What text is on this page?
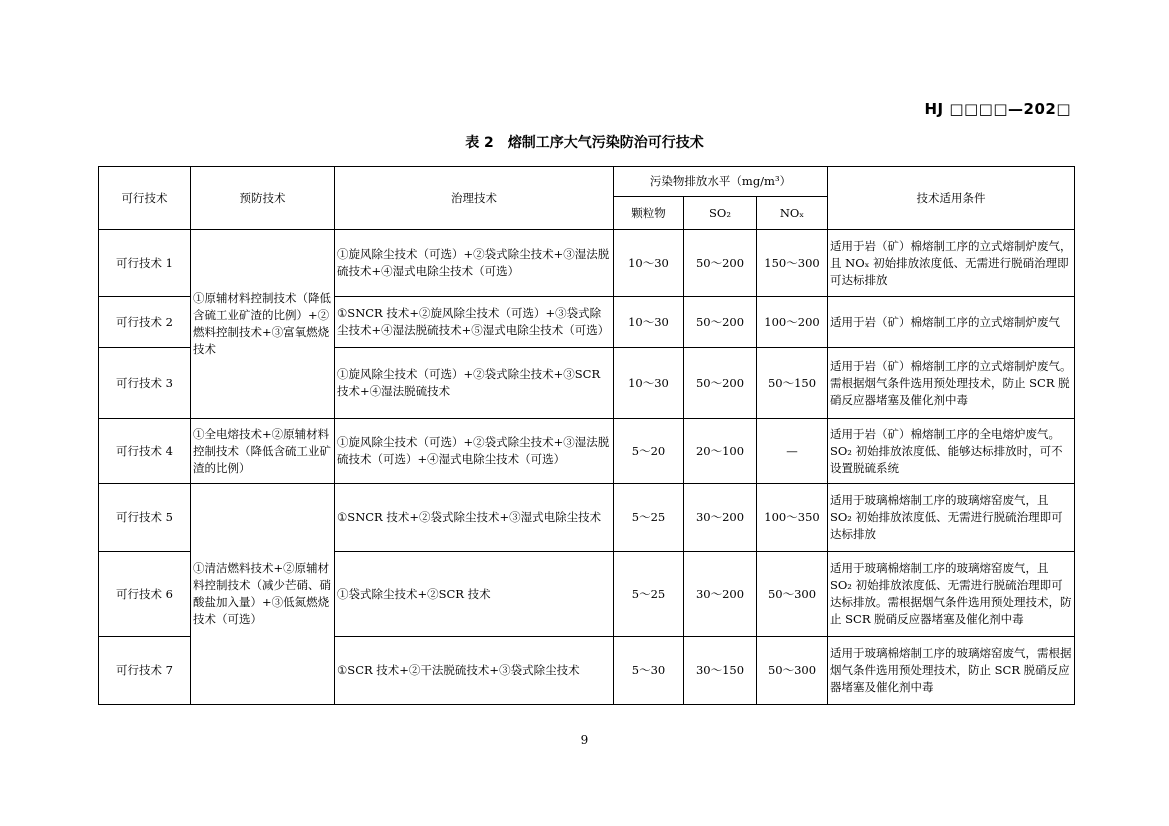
HJ □□□□—202□
表 2 熔制工序大气污染防治可行技术
可行技术	预防技术	治理技术	污染物排放水平（mg/m³）			技术适用条件
			颗粒物	SO₂	NOₓ	
可行技术 1	①原辅材料控制技术（降低含硫工业矿渣的比例）+②燃料控制技术+③富氧燃烧技术	①旋风除尘技术（可选）+②袋式除尘技术+③湿法脱硫技术+④湿式电除尘技术（可选）	10～30	50～200	150～300	适用于岩（矿）棉熔制工序的立式熔制炉废气，且 NOₓ 初始排放浓度低、无需进行脱硝治理即可达标排放
可行技术 2		①SNCR 技术+②旋风除尘技术（可选）+③袋式除尘技术+④湿法脱硫技术+⑤湿式电除尘技术（可选）	10～30	50～200	100～200	适用于岩（矿）棉熔制工序的立式熔制炉废气
可行技术 3		①旋风除尘技术（可选）+②袋式除尘技术+③SCR 技术+④湿法脱硫技术	10～30	50～200	50～150	适用于岩（矿）棉熔制工序的立式熔制炉废气。需根据烟气条件选用预处理技术，防止 SCR 脱硝反应器堵塞及催化剂中毒
可行技术 4	①全电熔技术+②原辅材料控制技术（降低含硫工业矿渣的比例）	①旋风除尘技术（可选）+②袋式除尘技术+③湿法脱硫技术（可选）+④湿式电除尘技术（可选）	5～20	20～100	—	适用于岩（矿）棉熔制工序的全电熔炉废气。SO₂ 初始排放浓度低、能够达标排放时，可不设置脱硫系统
可行技术 5	①清洁燃料技术+②原辅材料控制技术（减少芒硝、硝酸盐加入量）+③低氮燃烧技术（可选）	①SNCR 技术+②袋式除尘技术+③湿式电除尘技术	5～25	30～200	100～350	适用于玻璃棉熔制工序的玻璃熔窑废气，且 SO₂ 初始排放浓度低、无需进行脱硫治理即可达标排放
可行技术 6		①袋式除尘技术+②SCR 技术	5～25	30～200	50～300	适用于玻璃棉熔制工序的玻璃熔窑废气，且 SO₂ 初始排放浓度低、无需进行脱硫治理即可达标排放。需根据烟气条件选用预处理技术，防止 SCR 脱硝反应器堵塞及催化剂中毒
可行技术 7		①SCR 技术+②干法脱硫技术+③袋式除尘技术	5～30	30～150	50～300	适用于玻璃棉熔制工序的玻璃熔窑废气，需根据烟气条件选用预处理技术，防止 SCR 脱硝反应器堵塞及催化剂中毒
9
